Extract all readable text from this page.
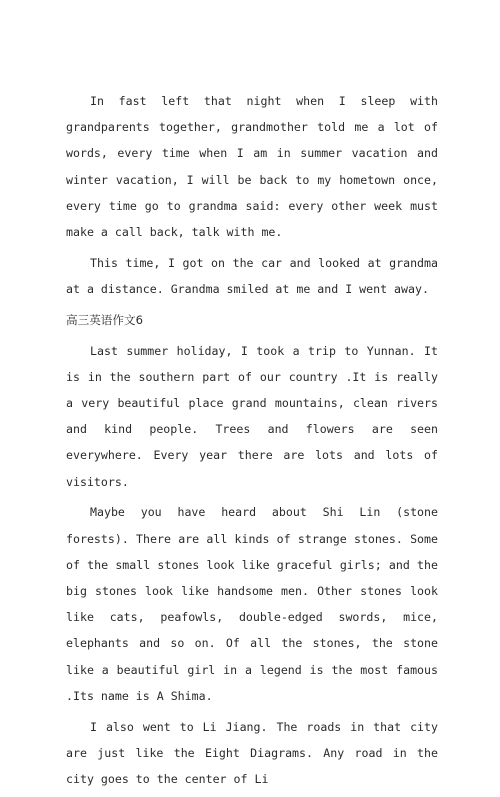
In fast left that night when I sleep with grandparents together, grandmother told me a lot of words, every time when I am in summer vacation and winter vacation, I will be back to my hometown once, every time go to grandma said: every other week must make a call back, talk with me.

This time, I got on the car and looked at grandma at a distance. Grandma smiled at me and I went away.

高三英语作文6

Last summer holiday, I took a trip to Yunnan. It is in the southern part of our country .It is really a very beautiful place grand mountains, clean rivers and kind people. Trees and flowers are seen everywhere. Every year there are lots and lots of visitors.

Maybe you have heard about Shi Lin (stone forests). There are all kinds of strange stones. Some of the small stones look like graceful girls; and the big stones look like handsome men. Other stones look like cats, peafowls, double-edged swords, mice, elephants and so on. Of all the stones, the stone like a beautiful girl in a legend is the most famous .Its name is A Shima.

I also went to Li Jiang. The roads in that city are just like the Eight Diagrams. Any road in the city goes to the center of Li
